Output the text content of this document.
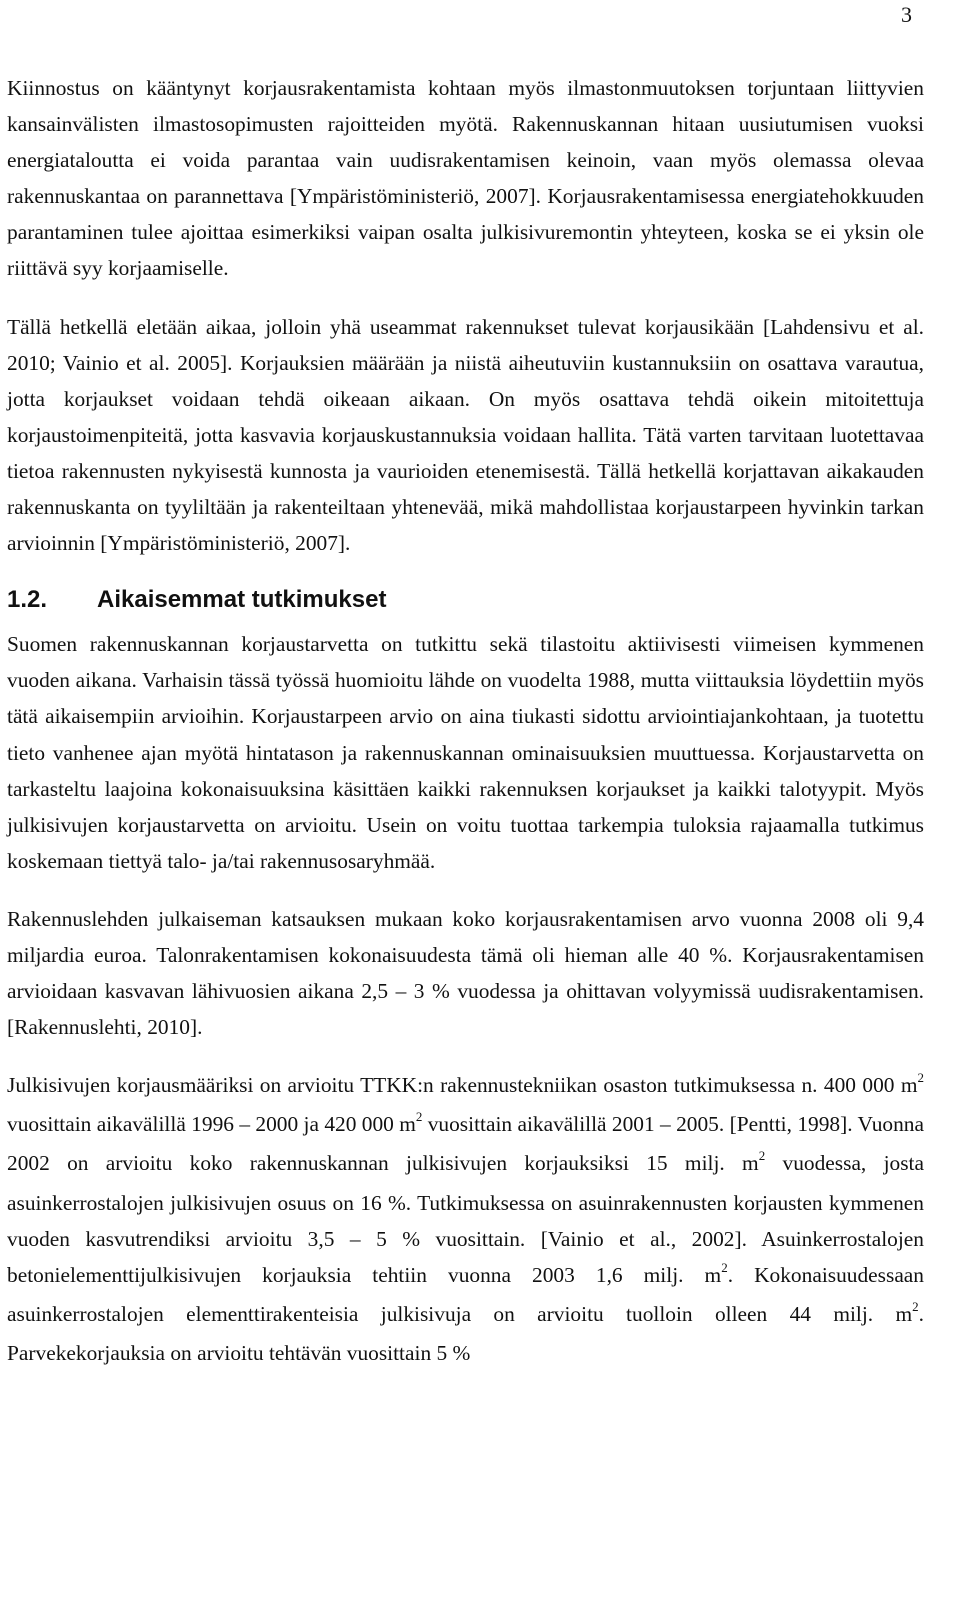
3

Kiinnostus on kääntynyt korjausrakentamista kohtaan myös ilmastonmuutoksen torjuntaan liittyvien kansainvälisten ilmastosopimusten rajoitteiden myötä. Rakennuskannan hitaan uusiutumisen vuoksi energiataloutta ei voida parantaa vain uudisrakentamisen keinoin, vaan myös olemassa olevaa rakennuskantaa on parannettava [Ympäristöministeriö, 2007]. Korjausrakentamisessa energiatehokkuuden parantaminen tulee ajoittaa esimerkiksi vaipan osalta julkisivuremontin yhteyteen, koska se ei yksin ole riittävä syy korjaamiselle.

Tällä hetkellä eletään aikaa, jolloin yhä useammat rakennukset tulevat korjausikään [Lahdensivu et al. 2010; Vainio et al. 2005]. Korjauksien määrään ja niistä aiheutuviin kustannuksiin on osattava varautua, jotta korjaukset voidaan tehdä oikeaan aikaan. On myös osattava tehdä oikein mitoitettuja korjaustoimenpiteitä, jotta kasvavia korjauskustannuksia voidaan hallita. Tätä varten tarvitaan luotettavaa tietoa rakennusten nykyisestä kunnosta ja vaurioiden etenemisestä. Tällä hetkellä korjattavan aikakauden rakennuskanta on tyyliltään ja rakenteiltaan yhtenevää, mikä mahdollistaa korjaustarpeen hyvinkin tarkan arvioinnin [Ympäristöministeriö, 2007].

1.2. Aikaisemmat tutkimukset

Suomen rakennuskannan korjaustarvetta on tutkittu sekä tilastoitu aktiivisesti viimeisen kymmenen vuoden aikana. Varhaisin tässä työssä huomioitu lähde on vuodelta 1988, mutta viittauksia löydettiin myös tätä aikaisempiin arvioihin. Korjaustarpeen arvio on aina tiukasti sidottu arviointiajankohtaan, ja tuotettu tieto vanhenee ajan myötä hintatason ja rakennuskannan ominaisuuksien muuttuessa. Korjaustarvetta on tarkasteltu laajoina kokonaisuuksina käsittäen kaikki rakennuksen korjaukset ja kaikki talotyypit. Myös julkisivujen korjaustarvetta on arvioitu. Usein on voitu tuottaa tarkempia tuloksia rajaamalla tutkimus koskemaan tiettyä talo- ja/tai rakennusosaryhmää.

Rakennuslehden julkaiseman katsauksen mukaan koko korjausrakentamisen arvo vuonna 2008 oli 9,4 miljardia euroa. Talonrakentamisen kokonaisuudesta tämä oli hieman alle 40 %. Korjausrakentamisen arvioidaan kasvavan lähivuosien aikana 2,5 – 3 % vuodessa ja ohittavan volyymissä uudisrakentamisen. [Rakennuslehti, 2010].

Julkisivujen korjausmääriksi on arvioitu TTKK:n rakennustekniikan osaston tutkimuksessa n. 400 000 $m^2$ vuosittain aikavälillä 1996 – 2000 ja 420 000 $m^2$ vuosittain aikavälillä 2001 – 2005. [Pentti, 1998]. Vuonna 2002 on arvioitu koko rakennuskannan julkisivujen korjauksiksi 15 milj. $m^2$ vuodessa, josta asuinkerrostalojen julkisivujen osuus on 16 %. Tutkimuksessa on asuinrakennusten korjausten kymmenen vuoden kasvutrendiksi arvioitu 3,5 – 5 % vuosittain. [Vainio et al., 2002]. Asuinkerrostalojen betonielementtijulkisivujen korjauksia tehtiin vuonna 2003 1,6 milj. $m^2$. Kokonaisuudessaan asuinkerrostalojen elementtirakenteisia julkisivuja on arvioitu tuolloin olleen 44 milj. $m^2$. Parvekekorjauksia on arvioitu tehtävän vuosittain 5 %
